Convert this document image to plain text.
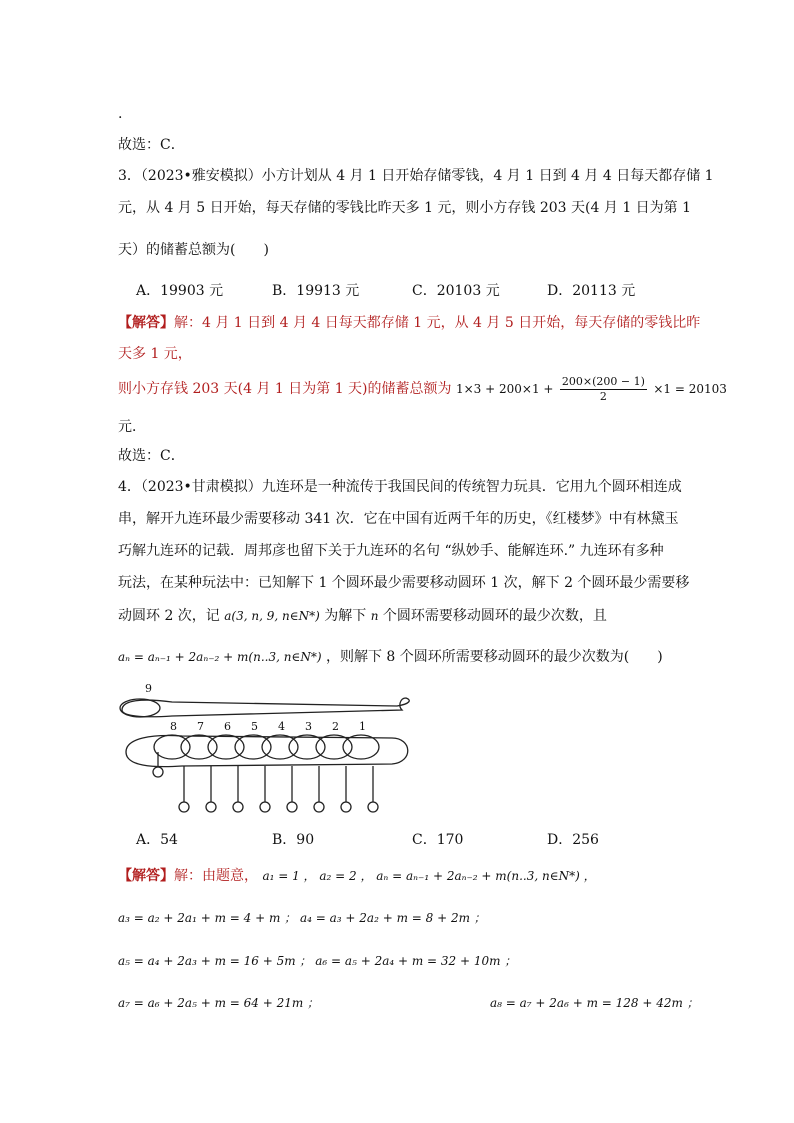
.
故选：C．
3．（2023•雅安模拟）小方计划从 4 月 1 日开始存储零钱，4 月 1 日到 4 月 4 日每天都存储 1
元，从 4 月 5 日开始，每天存储的零钱比昨天多 1 元，则小方存钱 203 天(4 月 1 日为第 1
天）的储蓄总额为(　　)
A．19903 元	B．19913 元	C．20103 元	D．20113 元
【解答】解：4 月 1 日到 4 月 4 日每天都存储 1 元，从 4 月 5 日开始，每天存储的零钱比昨
天多 1 元，
则小方存钱 203 天(4 月 1 日为第 1 天)的储蓄总额为 $1\times 3 + 200\times 1 + \frac{200\times(200 - 1)}{2} \times 1 = 20103$
元．
故选：C．
4．（2023•甘肃模拟）九连环是一种流传于我国民间的传统智力玩具．它用九个圆环相连成
串，解开九连环最少需要移动 341 次．它在中国有近两千年的历史，《红楼梦》中有林黛玉
巧解九连环的记载．周邦彦也留下关于九连环的名句 “纵妙手、能解连环.” 九连环有多种
玩法，在某种玩法中：已知解下 1 个圆环最少需要移动圆环 1 次，解下 2 个圆环最少需要移
动圆环 2 次，记 a(3, n, 9, n∈N*) 为解下 n 个圆环需要移动圆环的最少次数，且
aₙ = aₙ₋₁ + 2aₙ₋₂ + m(n..3, n∈N*) ，则解下 8 个圆环所需要移动圆环的最少次数为(　　)
9
8 7 6 5 4 3 2 1
A．54	B．90	C．170	D．256
【解答】解：由题意， a₁ = 1 ， a₂ = 2 ， aₙ = aₙ₋₁ + 2aₙ₋₂ + m(n..3, n∈N*) ，
a₃ = a₂ + 2a₁ + m = 4 + m ； a₄ = a₃ + 2a₂ + m = 8 + 2m ；
a₅ = a₄ + 2a₃ + m = 16 + 5m ； a₆ = a₅ + 2a₄ + m = 32 + 10m ；
a₇ = a₆ + 2a₅ + m = 64 + 21m ；	a₈ = a₇ + 2a₆ + m = 128 + 42m ；
